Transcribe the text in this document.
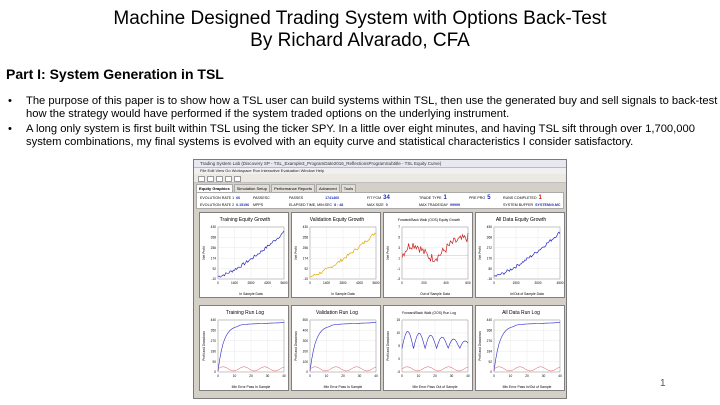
Machine Designed Trading System with Options Back-Test
By Richard Alvarado, CFA
Part I: System Generation in TSL
• The purpose of this paper is to show how a TSL user can build systems within TSL, then use the generated buy and sell signals to back-test how the strategy would have performed if the system traded options on the underlying instrument.
• A long only system is first built within TSL using the ticker SPY. In a little over eight minutes, and having TSL sift through over 1,700,000 system combinations, my final systems is evolved with an equity curve and statistical characteristics I consider satisfactory.
Trading System Lab (Discovery SP - TSL_Example3_ProgramDate2016_ReflectionsProgramSubtitle - TSL Equity Curve)
File Edit View Go Workspace Run Interactive Evaluation Window Help
Equity Graphics Simulation Setup Performance Reports Advanced Tools
EVOLUTION RATE 1 66
EVOLUTION RATE 2 0.15196
PASSESC
MPPS
PASSES	1741460
ELAPSED TIME, MIN:SEC 8 : 48
FIT FCM 34
MAX SIZE 0
TRADE TYPE 1
MAX TRADE/DAY 99999
PRE PRO 5	RUNS COMPLETED 1
SYSTEM BUFFER SYSTEM#0.MC
Training Equity Growth
430
358
256
174
92
-10
0	1400	2800	4200	5600
In Sample Data
Net Profit
Validation Equity Growth
430
358
256
174
92
-10
0	1400	2800	4200	5600
In Sample Data
Net Profit
Forward/Back Walk (OOS) Equity Growth
7
5
3
1
-1
-3
0	200	400	600
Out of Sample Data
Net Profit
All Data Equity Growth
450
368
272
176
80
-16
0	1500	3000	4500
In/Out of Sample Data
Net Profit
Training Run Log
440
350
270
180
90
0
0	10	20	30	40
Min Error Pass In Sample
Profit and Drawdown
Validation Run Log
500
400
300
200
100
0
0	10	20	30	40
Min Error Pass In Sample
Profit and Drawdown
Forward/Back Walk (OOS) Run Log
15
10
5
0
-5
0	10	20	30	40
Min Error Pass Out of Sample
Profit and Drawdown
All Data Run Log
440
368
276
184
92
0
0	10	20	30	40
Min Error Pass In/Out of Sample
Profit and Drawdown
1
